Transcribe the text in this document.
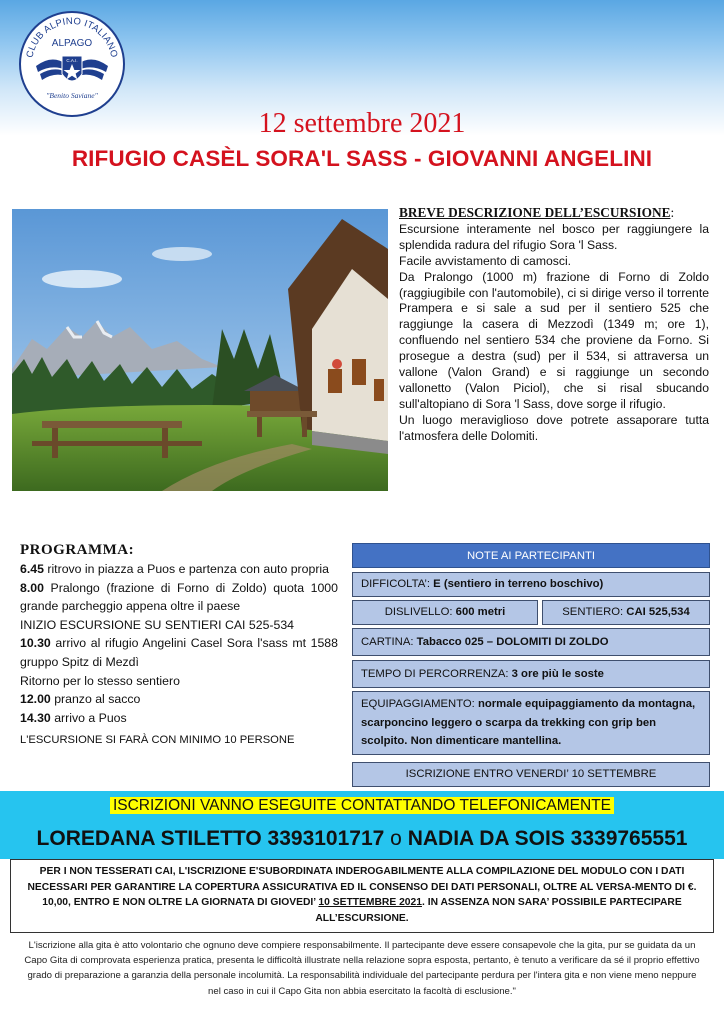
CLUB ALPINO ITALIANO
ALPAGO
C.A.I.
"Benito Saviane"
12 settembre 2021
RIFUGIO CASÈL SORA'L SASS - GIOVANNI ANGELINI

BREVE DESCRIZIONE DELL’ESCURSIONE:

Escursione interamente nel bosco per raggiungere la splendida radura del rifugio Sora 'l Sass.

Facile avvistamento di camosci.

Da Pralongo (1000 m) frazione di Forno di Zoldo (raggiugibile con l'automobile), ci si dirige verso il torrente Prampera e si sale a sud per il sentiero 525 che raggiunge la casera di Mezzodì (1349 m; ore 1), confluendo nel sentiero 534 che proviene da Forno. Si prosegue a destra (sud) per il 534, si attraversa un vallone (Valon Grand) e si raggiunge un secondo vallonetto (Valon Piciol), che si risal sbucando sull'altopiano di Sora 'l Sass, dove sorge il rifugio.

Un luogo meraviglioso dove potrete assaporare tutta l'atmosfera delle Dolomiti.

PROGRAMMA:
6.45 ritrovo in piazza a Puos e partenza con auto propria
8.00 Pralongo (frazione di Forno di Zoldo) quota 1000 grande parcheggio appena oltre il paese
INIZIO ESCURSIONE SU SENTIERI CAI 525-534
10.30 arrivo al rifugio Angelini Casel Sora l'sass mt 1588 gruppo Spitz di Mezdì
Ritorno per lo stesso sentiero
12.00 pranzo al sacco
14.30 arrivo a Puos
L'ESCURSIONE SI FARÀ CON MINIMO 10 PERSONE
NOTE AI PARTECIPANTI
DIFFICOLTA’: E (sentiero in terreno boschivo)
DISLIVELLO: 600 metri	SENTIERO: CAI 525,534
CARTINA: Tabacco 025 – DOLOMITI DI ZOLDO
TEMPO DI PERCORRENZA: 3 ore più le soste
EQUIPAGGIAMENTO: normale equipaggiamento da montagna, scarponcino leggero o scarpa da trekking con grip ben scolpito. Non dimenticare mantellina.
ISCRIZIONE ENTRO VENERDI’ 10 SETTEMBRE
ISCRIZIONI VANNO ESEGUITE CONTATTANDO TELEFONICAMENTE
LOREDANA STILETTO 3393101717 o NADIA DA SOIS 3339765551
PER I NON TESSERATI CAI, L'ISCRIZIONE E'SUBORDINATA INDEROGABILMENTE ALLA COMPILAZIONE DEL MODULO CON I DATI NECESSARI PER GARANTIRE LA COPERTURA ASSICURATIVA ED IL CONSENSO DEI DATI PERSONALI, OLTRE AL VERSA-MENTO DI €. 10,00, ENTRO E NON OLTRE LA GIORNATA DI GIOVEDI’ 10 SETTEMBRE 2021. IN ASSENZA NON SARA’ POSSIBILE PARTECIPARE ALL’ESCURSIONE.
L'iscrizione alla gita è atto volontario che ognuno deve compiere responsabilmente. Il partecipante deve essere consapevole che la gita, pur se guidata da un Capo Gita di comprovata esperienza pratica, presenta le difficoltà illustrate nella relazione sopra esposta, pertanto, è tenuto a verificare da sé il proprio effettivo grado di preparazione a garanzia della personale incolumità. La responsabilità individuale del partecipante perdura per l'intera gita e non viene meno neppure nel caso in cui il Capo Gita non abbia esercitato la facoltà di esclusione."
